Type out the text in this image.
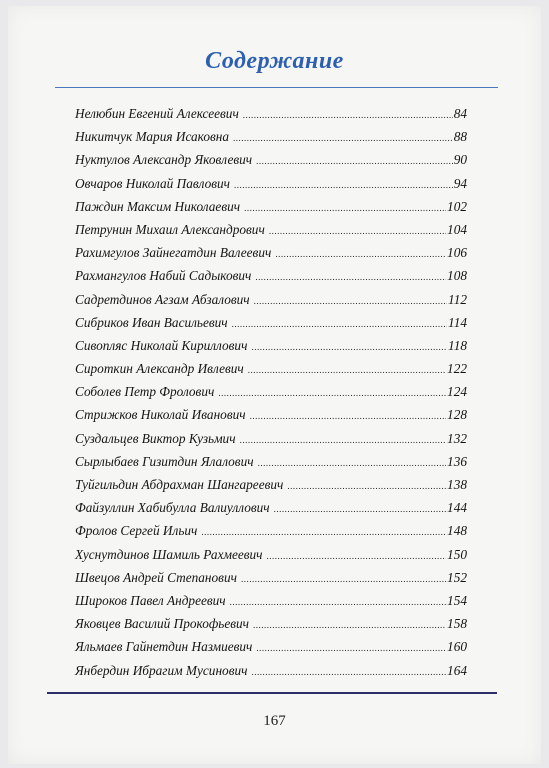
Содержание
Нелюбин Евгений Алексеевич .....	84
Никитчук Мария Исаковна .....	88
Нуктулов Александр Яковлевич .....	90
Овчаров Николай Павлович .....	94
Паждин Максим Николаевич .....	102
Петрунин Михаил Александрович .....	104
Рахимгулов Зайнегатдин Валеевич .....	106
Рахмангулов Набий Садыкович .....	108
Садретдинов Агзам Абзалович .....	112
Сибриков Иван Васильевич .....	114
Сивопляс Николай Кириллович .....	118
Сироткин Александр Ивлевич .....	122
Соболев Петр Фролович .....	124
Стрижков Николай Иванович .....	128
Суздальцев Виктор Кузьмич .....	132
Сырлыбаев Гизитдин Ялалович .....	136
Туйгильдин Абдрахман Шангареевич .....	138
Файзуллин Хабибулла Валиуллович .....	144
Фролов Сергей Ильич .....	148
Хуснутдинов Шамиль Рахмеевич .....	150
Швецов Андрей Степанович .....	152
Широков Павел Андреевич .....	154
Яковцев Василий Прокофьевич .....	158
Яльмаев Гайнетдин Назмиевич .....	160
Янбердин Ибрагим Мусинович .....	164
167
